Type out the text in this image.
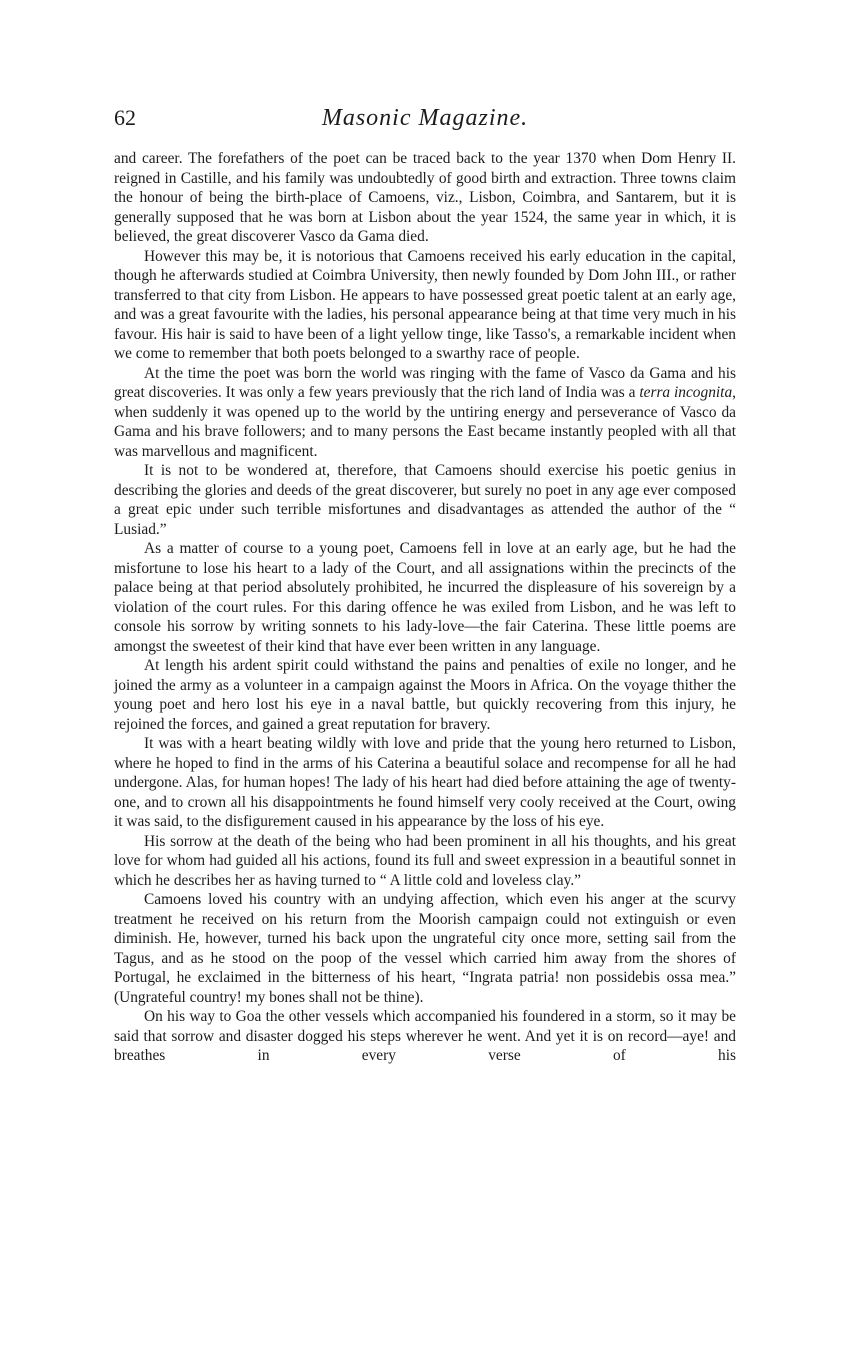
62	Masonic Magazine.

and career. The forefathers of the poet can be traced back to the year 1370 when Dom Henry II. reigned in Castille, and his family was undoubtedly of good birth and extraction. Three towns claim the honour of being the birth-place of Camoens, viz., Lisbon, Coimbra, and Santarem, but it is generally supposed that he was born at Lisbon about the year 1524, the same year in which, it is believed, the great discoverer Vasco da Gama died.

However this may be, it is notorious that Camoens received his early education in the capital, though he afterwards studied at Coimbra University, then newly founded by Dom John III., or rather transferred to that city from Lisbon. He appears to have possessed great poetic talent at an early age, and was a great favourite with the ladies, his personal appearance being at that time very much in his favour. His hair is said to have been of a light yellow tinge, like Tasso's, a remarkable incident when we come to remember that both poets belonged to a swarthy race of people.

At the time the poet was born the world was ringing with the fame of Vasco da Gama and his great discoveries. It was only a few years previously that the rich land of India was a terra incognita, when suddenly it was opened up to the world by the untiring energy and perseverance of Vasco da Gama and his brave followers; and to many persons the East became instantly peopled with all that was marvellous and magnificent.

It is not to be wondered at, therefore, that Camoens should exercise his poetic genius in describing the glories and deeds of the great discoverer, but surely no poet in any age ever composed a great epic under such terrible misfortunes and disadvantages as attended the author of the “ Lusiad.”

As a matter of course to a young poet, Camoens fell in love at an early age, but he had the misfortune to lose his heart to a lady of the Court, and all assignations within the precincts of the palace being at that period absolutely prohibited, he incurred the displeasure of his sovereign by a violation of the court rules. For this daring offence he was exiled from Lisbon, and he was left to console his sorrow by writing sonnets to his lady-love—the fair Caterina. These little poems are amongst the sweetest of their kind that have ever been written in any language.

At length his ardent spirit could withstand the pains and penalties of exile no longer, and he joined the army as a volunteer in a campaign against the Moors in Africa. On the voyage thither the young poet and hero lost his eye in a naval battle, but quickly recovering from this injury, he rejoined the forces, and gained a great reputation for bravery.

It was with a heart beating wildly with love and pride that the young hero returned to Lisbon, where he hoped to find in the arms of his Caterina a beautiful solace and recompense for all he had undergone. Alas, for human hopes! The lady of his heart had died before attaining the age of twenty-one, and to crown all his disappointments he found himself very cooly received at the Court, owing it was said, to the disfigurement caused in his appearance by the loss of his eye.

His sorrow at the death of the being who had been prominent in all his thoughts, and his great love for whom had guided all his actions, found its full and sweet expression in a beautiful sonnet in which he describes her as having turned to “ A little cold and loveless clay.”

Camoens loved his country with an undying affection, which even his anger at the scurvy treatment he received on his return from the Moorish campaign could not extinguish or even diminish. He, however, turned his back upon the ungrateful city once more, setting sail from the Tagus, and as he stood on the poop of the vessel which carried him away from the shores of Portugal, he exclaimed in the bitterness of his heart, “Ingrata patria! non possidebis ossa mea.” (Ungrateful country! my bones shall not be thine).

On his way to Goa the other vessels which accompanied his foundered in a storm, so it may be said that sorrow and disaster dogged his steps wherever he went. And yet it is on record—aye! and breathes in every verse of his
